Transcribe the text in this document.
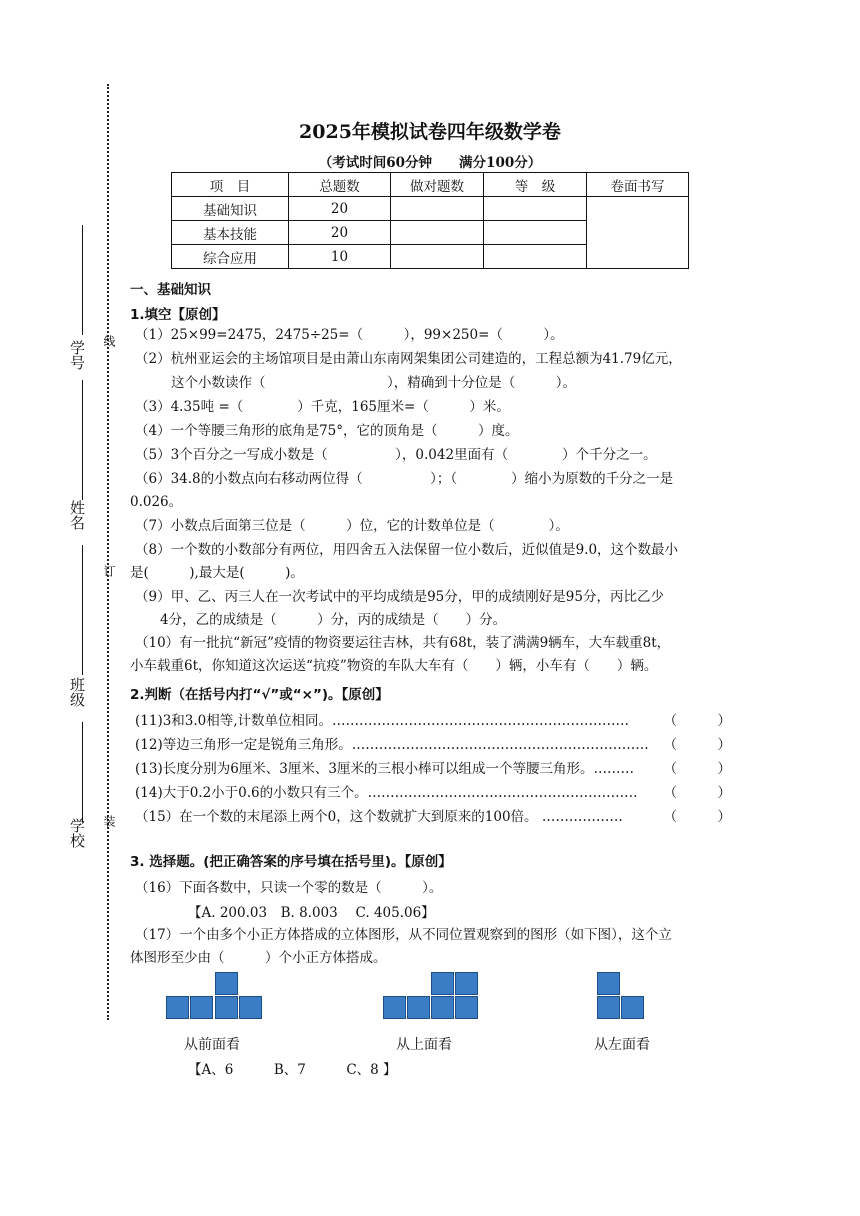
线
订
装
学号
姓名
班级
学校
2025年模拟试卷四年级数学卷
（考试时间60分钟　　满分100分）
项　目	总题数	做对题数	等　级	卷面书写
基础知识	20			
基本技能	20			
综合应用	10			
一、基础知识
1.填空【原创】
（1）25×99=2475，2475÷25=（　　　），99×250=（　　　）。
（2）杭州亚运会的主场馆项目是由萧山东南网架集团公司建造的，工程总额为41.79亿元，
这个小数读作（　　　　　　　　　），精确到十分位是（　　　）。
（3）4.35吨 =（　　　　）千克，165厘米=（　　　）米。
（4）一个等腰三角形的底角是75°，它的顶角是（　　　）度。
（5）3个百分之一写成小数是（　　　　　），0.042里面有（　　　　）个千分之一。
（6）34.8的小数点向右移动两位得（　　　　　）；（　　　　）缩小为原数的千分之一是
0.026。
（7）小数点后面第三位是（　　　）位，它的计数单位是（　　　　）。
（8）一个数的小数部分有两位，用四舍五入法保留一位小数后，近似值是9.0，这个数最小
是(　　　),最大是(　　　)。
（9）甲、乙、丙三人在一次考试中的平均成绩是95分，甲的成绩刚好是95分，丙比乙少
4分，乙的成绩是（　　　）分，丙的成绩是（　　）分。
（10）有一批抗“新冠”疫情的物资要运往吉林，共有68t，装了满满9辆车，大车载重8t，
小车载重6t，你知道这次运送“抗疫”物资的车队大车有（　　）辆，小车有（　　）辆。
2.判断（在括号内打“√”或“×”)。【原创】
(11)3和3.0相等,计数单位相同。…………………………………………………………	（　　　）
(12)等边三角形一定是锐角三角形。………………………………………………………… （　　　）
(13)长度分别为6厘米、3厘米、3厘米的三根小棒可以组成一个等腰三角形。……… （　　　）
(14)大于0.2小于0.6的小数只有三个。…………………………………………………… （　　　）
（15）在一个数的末尾添上两个0，这个数就扩大到原来的100倍。 ………………	（　　　）
3. 选择题。(把正确答案的序号填在括号里)。【原创】
（16）下面各数中，只读一个零的数是（　　　）。
【A. 200.03　B. 8.003　 C. 405.06】
（17）一个由多个小正方体搭成的立体图形，从不同位置观察到的图形（如下图），这个立
体图形至少由（　　　）个小正方体搭成。
从前面看	从上面看	从左面看
【A、6　　　B、7　　　C、8 】
